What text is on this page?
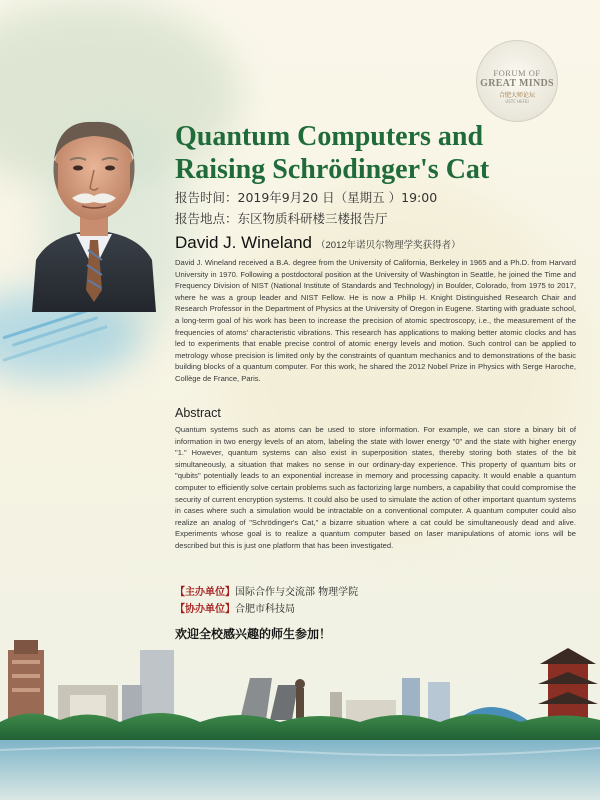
FORUM OF
GREAT MINDS
合肥大师论坛
USTC HEFEI
Quantum Computers and
Raising Schrödinger's Cat
报告时间：2019年9月20 日（星期五 ）19:00
报告地点：东区物质科研楼三楼报告厅
David J. Wineland （2012年诺贝尔物理学奖获得者）

David J. Wineland received a B.A. degree from the University of California, Berkeley in 1965 and a Ph.D. from Harvard University in 1970. Following a postdoctoral position at the University of Washington in Seattle, he joined the Time and Frequency Division of NIST (National Institute of Standards and Technology) in Boulder, Colorado, from 1975 to 2017, where he was a group leader and NIST Fellow. He is now a Philip H. Knight Distinguished Research Chair and Research Professor in the Department of Physics at the University of Oregon in Eugene. Starting with graduate school, a long-term goal of his work has been to increase the precision of atomic spectroscopy, i.e., the measurement of the frequencies of atoms' characteristic vibrations. This research has applications to making better atomic clocks and has led to experiments that enable precise control of atomic energy levels and motion. Such control can be applied to metrology whose precision is limited only by the constraints of quantum mechanics and to demonstrations of the basic building blocks of a quantum computer. For this work, he shared the 2012 Nobel Prize in Physics with Serge Haroche, Collège de France, Paris.

Abstract

Quantum systems such as atoms can be used to store information. For example, we can store a binary bit of information in two energy levels of an atom, labeling the state with lower energy "0" and the state with higher energy "1." However, quantum systems can also exist in superposition states, thereby storing both states of the bit simultaneously, a situation that makes no sense in our ordinary-day experience. This property of quantum bits or "qubits" potentially leads to an exponential increase in memory and processing capacity. It would enable a quantum computer to efficiently solve certain problems such as factorizing large numbers, a capability that could compromise the security of current encryption systems. It could also be used to simulate the action of other important quantum systems in cases where such a simulation would be intractable on a conventional computer. A quantum computer could also realize an analog of "Schrödinger's Cat," a bizarre situation where a cat could be simultaneously dead and alive. Experiments whose goal is to realize a quantum computer based on laser manipulations of atomic ions will be described but this is just one platform that has been investigated.

【主办单位】国际合作与交流部 物理学院
【协办单位】合肥市科技局
欢迎全校感兴趣的师生参加！
